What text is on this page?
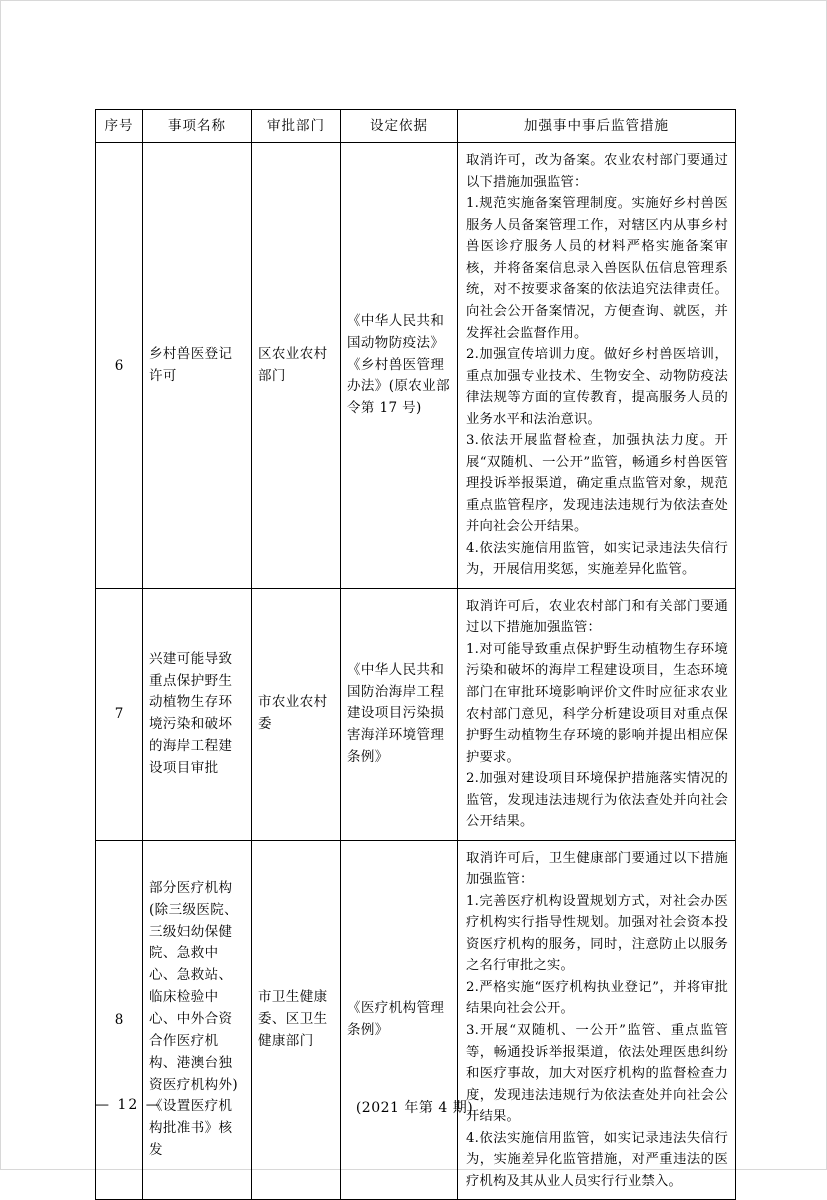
序号	事项名称	审批部门	设定依据	加强事中事后监管措施
6	乡村兽医登记许可	区农业农村部门	《中华人民共和国动物防疫法》《乡村兽医管理办法》(原农业部令第 17 号)	取消许可，改为备案。农业农村部门要通过以下措施加强监管：

1.规范实施备案管理制度。实施好乡村兽医服务人员备案管理工作，对辖区内从事乡村兽医诊疗服务人员的材料严格实施备案审核，并将备案信息录入兽医队伍信息管理系统，对不按要求备案的依法追究法律责任。向社会公开备案情况，方便查询、就医，并发挥社会监督作用。

2.加强宣传培训力度。做好乡村兽医培训，重点加强专业技术、生物安全、动物防疫法律法规等方面的宣传教育，提高服务人员的业务水平和法治意识。

3.依法开展监督检查，加强执法力度。开展“双随机、一公开”监管，畅通乡村兽医管理投诉举报渠道，确定重点监管对象，规范重点监管程序，发现违法违规行为依法查处并向社会公开结果。

4.依法实施信用监管，如实记录违法失信行为，开展信用奖惩，实施差异化监管。

7	兴建可能导致重点保护野生动植物生存环境污染和破坏的海岸工程建设项目审批	市农业农村委	《中华人民共和国防治海岸工程建设项目污染损害海洋环境管理条例》	取消许可后，农业农村部门和有关部门要通过以下措施加强监管：

1.对可能导致重点保护野生动植物生存环境污染和破坏的海岸工程建设项目，生态环境部门在审批环境影响评价文件时应征求农业农村部门意见，科学分析建设项目对重点保护野生动植物生存环境的影响并提出相应保护要求。

2.加强对建设项目环境保护措施落实情况的监管，发现违法违规行为依法查处并向社会公开结果。

8	部分医疗机构(除三级医院、三级妇幼保健院、急救中心、急救站、临床检验中心、中外合资合作医疗机构、港澳台独资医疗机构外)《设置医疗机构批准书》核发	市卫生健康委、区卫生健康部门	《医疗机构管理条例》	取消许可后，卫生健康部门要通过以下措施加强监管：

1.完善医疗机构设置规划方式，对社会办医疗机构实行指导性规划。加强对社会资本投资医疗机构的服务，同时，注意防止以服务之名行审批之实。

2.严格实施“医疗机构执业登记”，并将审批结果向社会公开。

3.开展“双随机、一公开”监管、重点监管等，畅通投诉举报渠道，依法处理医患纠纷和医疗事故，加大对医疗机构的监督检查力度，发现违法违规行为依法查处并向社会公开结果。

4.依法实施信用监管，如实记录违法失信行为，实施差异化监管措施，对严重违法的医疗机构及其从业人员实行行业禁入。

— 12 —	(2021 年第 4 期)
